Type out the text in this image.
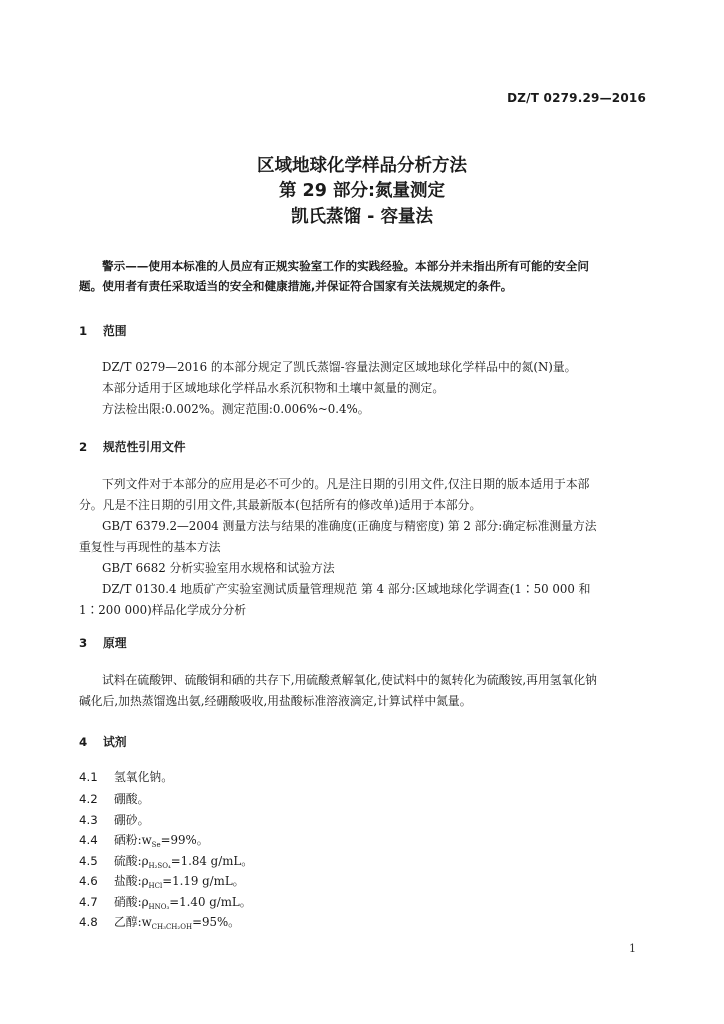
DZ/T 0279.29—2016
区域地球化学样品分析方法
第 29 部分:氮量测定
凯氏蒸馏 - 容量法
警示——使用本标准的人员应有正规实验室工作的实践经验。本部分并未指出所有可能的安全问
题。使用者有责任采取适当的安全和健康措施,并保证符合国家有关法规规定的条件。
1 范围
DZ/T 0279—2016 的本部分规定了凯氏蒸馏-容量法测定区域地球化学样品中的氮(N)量。
本部分适用于区域地球化学样品水系沉积物和土壤中氮量的测定。
方法检出限:0.002%。测定范围:0.006%~0.4%。
2 规范性引用文件
下列文件对于本部分的应用是必不可少的。凡是注日期的引用文件,仅注日期的版本适用于本部
分。凡是不注日期的引用文件,其最新版本(包括所有的修改单)适用于本部分。
GB/T 6379.2—2004 测量方法与结果的准确度(正确度与精密度) 第 2 部分:确定标准测量方法
重复性与再现性的基本方法
GB/T 6682 分析实验室用水规格和试验方法
DZ/T 0130.4 地质矿产实验室测试质量管理规范 第 4 部分:区域地球化学调查(1∶50 000 和
1∶200 000)样品化学成分分析
3 原理
试料在硫酸钾、硫酸铜和硒的共存下,用硫酸煮解氧化,使试料中的氮转化为硫酸铵,再用氢氧化钠
碱化后,加热蒸馏逸出氨,经硼酸吸收,用盐酸标准溶液滴定,计算试样中氮量。
4 试剂
4.1 氢氧化钠。
4.2 硼酸。
4.3 硼砂。
4.4 硒粉$:w_{Se}=99\%$。
4.5 硫酸$:\rho_{H_2SO_4}=1.84$ g/mL。
4.6 盐酸$:\rho_{HCl}=1.19$ g/mL。
4.7 硝酸$:\rho_{HNO_3}=1.40$ g/mL。
4.8 乙醇$:w_{CH_3CH_2OH}=95\%$。
1
